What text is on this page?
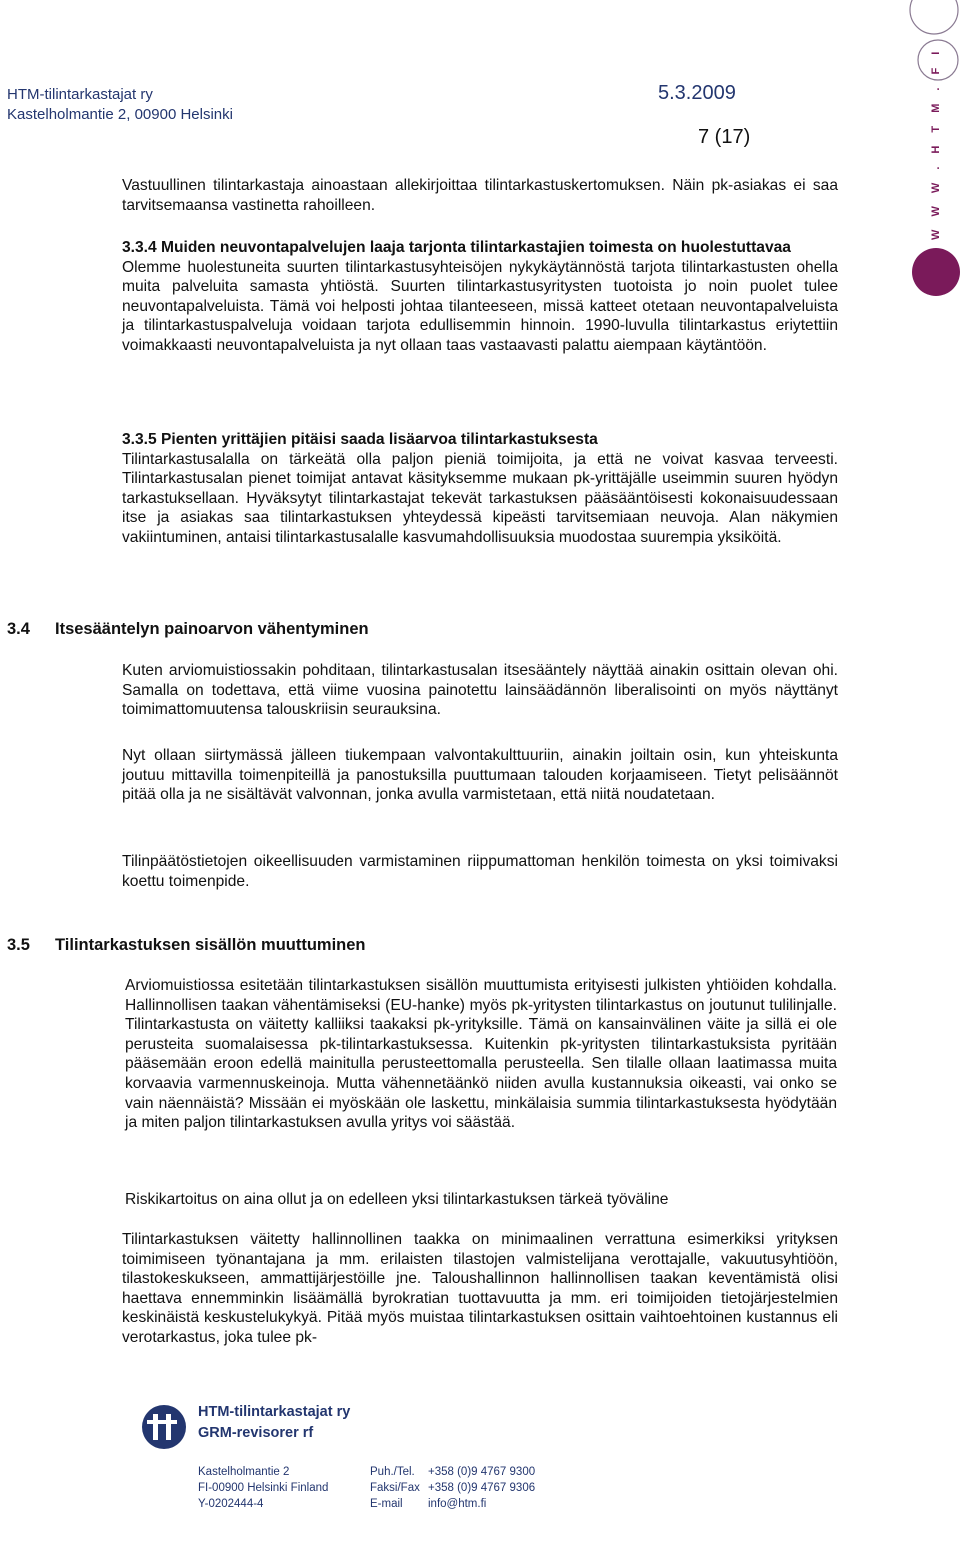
HTM-tilintarkastajat ry
Kastelholmantie 2, 00900 Helsinki
5.3.2009
7 (17)	W W W . H T M . F I

Vastuullinen tilintarkastaja ainoastaan allekirjoittaa tilintarkastuskertomuksen. Näin pk-asiakas ei saa tarvitsemaansa vastinetta rahoilleen.

3.3.4 Muiden neuvontapalvelujen laaja tarjonta tilintarkastajien toimesta on huolestuttavaa

Olemme huolestuneita suurten tilintarkastusyhteisöjen nykykäytännöstä tarjota tilintarkastusten ohella muita palveluita samasta yhtiöstä. Suurten tilintarkastusyritysten tuotoista jo noin puolet tulee neuvontapalveluista. Tämä voi helposti johtaa tilanteeseen, missä katteet otetaan neuvontapalveluista ja tilintarkastuspalveluja voidaan tarjota edullisemmin hinnoin. 1990-luvulla tilintarkastus eriytettiin voimakkaasti neuvontapalveluista ja nyt ollaan taas vastaavasti palattu aiempaan käytäntöön.

3.3.5 Pienten yrittäjien pitäisi saada lisäarvoa tilintarkastuksesta

Tilintarkastusalalla on tärkeätä olla paljon pieniä toimijoita, ja että ne voivat kasvaa terveesti. Tilintarkastusalan pienet toimijat antavat käsityksemme mukaan pk-yrittäjälle useimmin suuren hyödyn tarkastuksellaan. Hyväksytyt tilintarkastajat tekevät tarkastuksen pääsääntöisesti kokonaisuudessaan itse ja asiakas saa tilintarkastuksen yhteydessä kipeästi tarvitsemiaan neuvoja. Alan näkymien vakiintuminen, antaisi tilintarkastusalalle kasvumahdollisuuksia muodostaa suurempia yksiköitä.

3.4 Itsesääntelyn painoarvon vähentyminen

Kuten arviomuistiossakin pohditaan, tilintarkastusalan itsesääntely näyttää ainakin osittain olevan ohi. Samalla on todettava, että viime vuosina painotettu lainsäädännön liberalisointi on myös näyttänyt toimimattomuutensa talouskriisin seurauksina.

Nyt ollaan siirtymässä jälleen tiukempaan valvontakulttuuriin, ainakin joiltain osin, kun yhteiskunta joutuu mittavilla toimenpiteillä ja panostuksilla puuttumaan talouden korjaamiseen. Tietyt pelisäännöt pitää olla ja ne sisältävät valvonnan, jonka avulla varmistetaan, että niitä noudatetaan.

Tilinpäätöstietojen oikeellisuuden varmistaminen riippumattoman henkilön toimesta on yksi toimivaksi koettu toimenpide.

3.5 Tilintarkastuksen sisällön muuttuminen

Arviomuistiossa esitetään tilintarkastuksen sisällön muuttumista erityisesti julkisten yhtiöiden kohdalla. Hallinnollisen taakan vähentämiseksi (EU-hanke) myös pk-yritysten tilintarkastus on joutunut tulilinjalle. Tilintarkastusta on väitetty kalliiksi taakaksi pk-yrityksille. Tämä on kansainvälinen väite ja sillä ei ole perusteita suomalaisessa pk-tilintarkastuksessa. Kuitenkin pk-yritysten tilintarkastuksista pyritään pääsemään eroon edellä mainitulla perusteettomalla perusteella. Sen tilalle ollaan laatimassa muita korvaavia varmennuskeinoja. Mutta vähennetäänkö niiden avulla kustannuksia oikeasti, vai onko se vain näennäistä? Missään ei myöskään ole laskettu, minkälaisia summia tilintarkastuksesta hyödytään ja miten paljon tilintarkastuksen avulla yritys voi säästää.

Riskikartoitus on aina ollut ja on edelleen yksi tilintarkastuksen tärkeä työväline

Tilintarkastuksen väitetty hallinnollinen taakka on minimaalinen verrattuna esimerkiksi yrityksen toimimiseen työnantajana ja mm. erilaisten tilastojen valmistelijana verottajalle, vakuutusyhtiöön, tilastokeskukseen, ammattijärjestöille jne. Taloushallinnon hallinnollisen taakan keventämistä olisi haettava ennemminkin lisäämällä byrokratian tuottavuutta ja mm. eri toimijoiden tietojärjestelmien keskinäistä keskustelukykyä. Pitää myös muistaa tilintarkastuksen osittain vaihtoehtoinen kustannus eli verotarkastus, joka tulee pk-

HTM-tilintarkastajat ry
GRM-revisorer rf
Kastelholmantie 2
FI-00900 Helsinki Finland
Y-0202444-4
Puh./Tel.
Faksi/Fax
E-mail
+358 (0)9 4767 9300
+358 (0)9 4767 9306
info@htm.fi
